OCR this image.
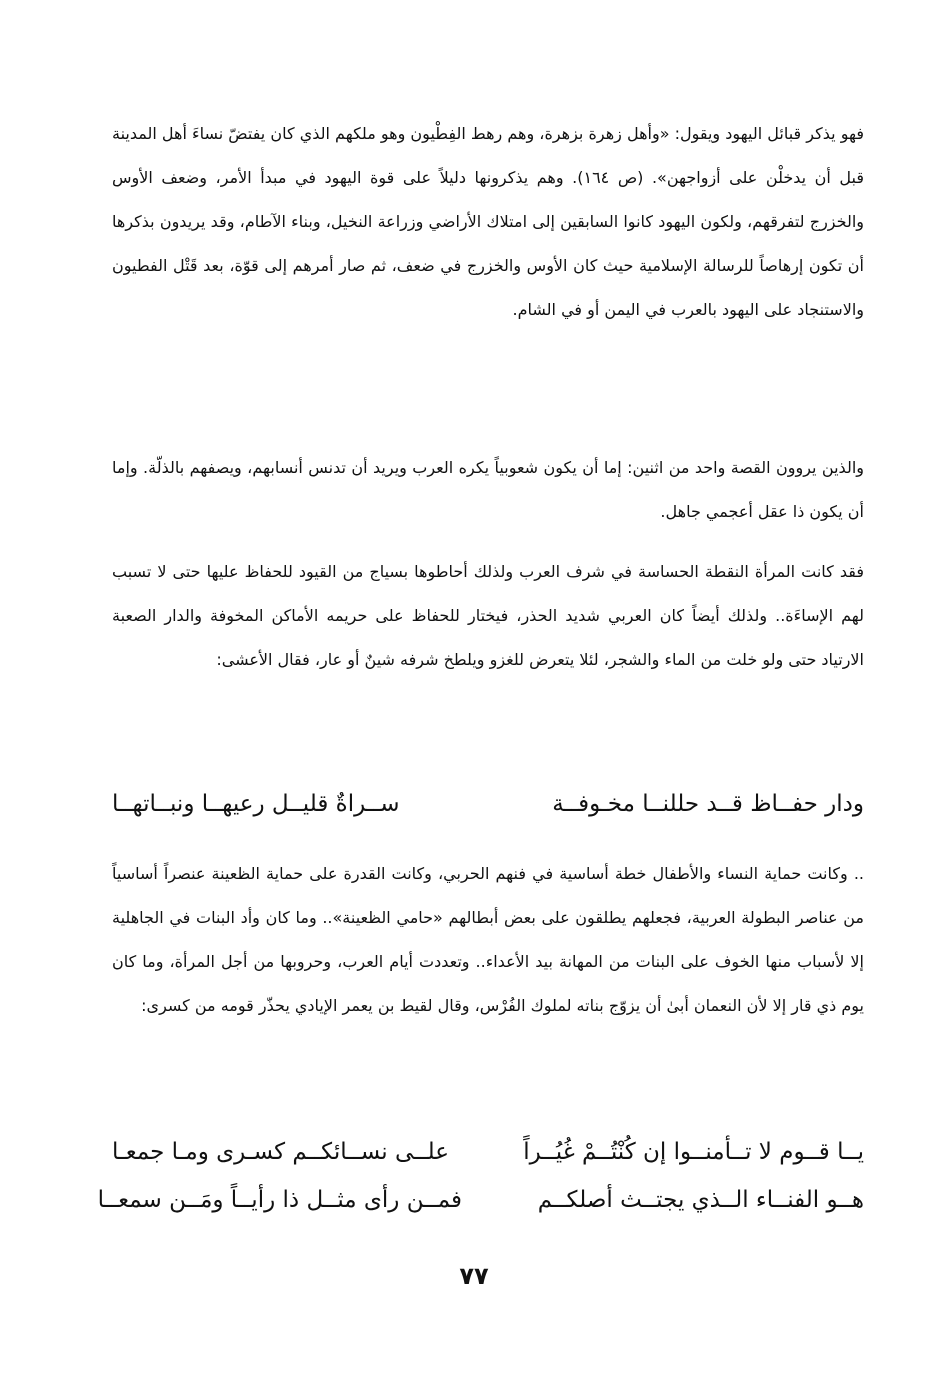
فهو يذكر قبائل اليهود ويقول: «وأهل زهرة بزهرة، وهم رهط الفِطْيون وهو ملكهم الذي كان يفتضّ نساءَ أهل المدينة قبل أن يدخلْن على أزواجهن». (ص ١٦٤). وهم يذكرونها دليلاً على قوة اليهود في مبدأ الأمر، وضعف الأوس والخزرج لتفرقهم، ولكون اليهود كانوا السابقين إلى امتلاك الأراضي وزراعة النخيل، وبناء الآطام، وقد يريدون بذكرها أن تكون إرهاصاً للرسالة الإسلامية حيث كان الأوس والخزرج في ضعف، ثم صار أمرهم إلى قوّة، بعد قَتْل الفطيون والاستنجاد على اليهود بالعرب في اليمن أو في الشام.

والذين يروون القصة واحد من اثنين: إما أن يكون شعوبياً يكره العرب ويريد أن تدنس أنسابهم، ويصفهم بالذلّة. وإما أن يكون ذا عقل أعجمي جاهل.

فقد كانت المرأة النقطة الحساسة في شرف العرب ولذلك أحاطوها بسياج من القيود للحفاظ عليها حتى لا تسبب لهم الإساءَة.. ولذلك أيضاً كان العربي شديد الحذر، فيختار للحفاظ على حريمه الأماكن المخوفة والدار الصعبة الارتياد حتى ولو خلت من الماء والشجر، لئلا يتعرض للغزو ويلطخ شرفه شينٌ أو عار، فقال الأعشى:

ودار حفــاظ قــد حللنــا مخـوفــة
ســراةٌ قليــل رعيهــا ونبــاتهــا

.. وكانت حماية النساء والأطفال خطة أساسية في فنهم الحربي، وكانت القدرة على حماية الظعينة عنصراً أساسياً من عناصر البطولة العربية، فجعلهم يطلقون على بعض أبطالهم «حامي الظعينة».. وما كان وأد البنات في الجاهلية إلا لأسباب منها الخوف على البنات من المهانة بيد الأعداء.. وتعددت أيام العرب، وحروبها من أجل المرأة، وما كان يوم ذي قار إلا لأن النعمان أبىٰ أن يزوّج بناته لملوك الفُرْس، وقال لقيط بن يعمر الإيادي يحذّر قومه من كسرى:

يــا قــوم لا تــأمنــوا إن كُنْتُــمْ غُيُــراً
علــى نســائكــم كسـرى ومـا جمعـا
هــو الفنــاء الــذي يجتــث أصلكــم
فمــن رأى مثــل ذا رأيــاً ومَــن سمعــا
٧٧
